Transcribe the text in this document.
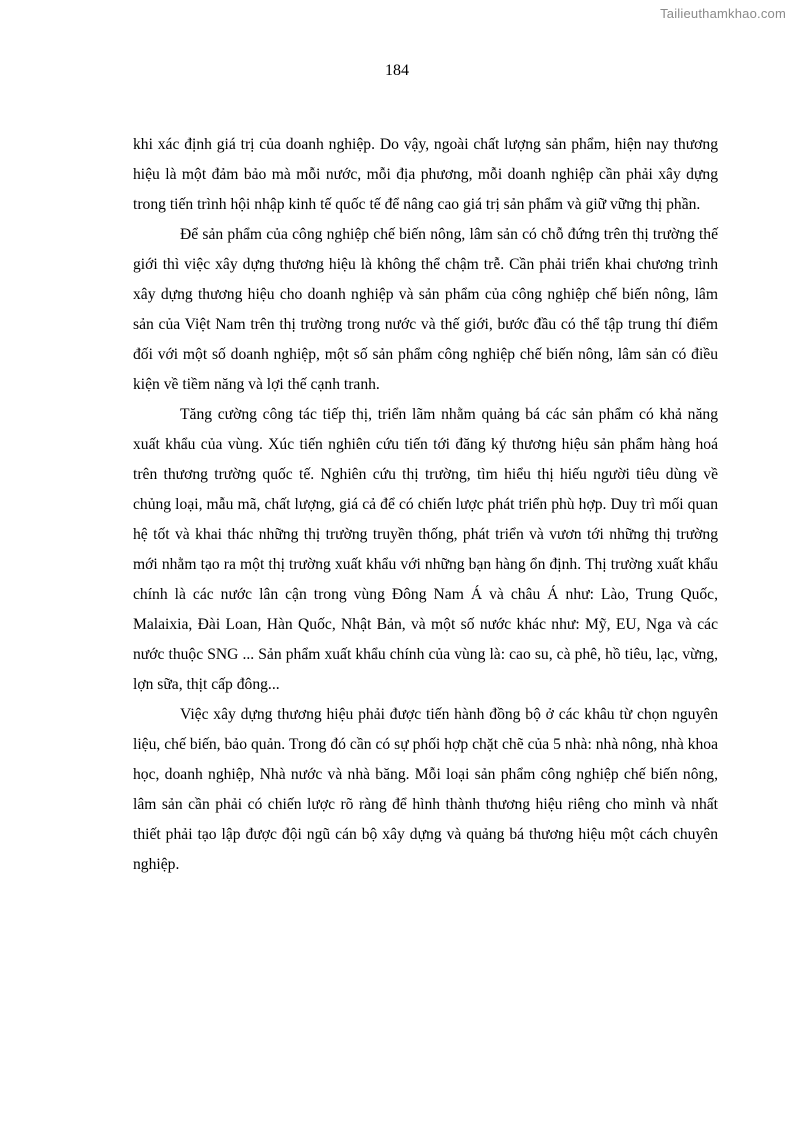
Tailieuthamkhao.com
184

khi xác định giá trị của doanh nghiệp. Do vậy, ngoài chất lượng sản phẩm, hiện nay thương hiệu là một đảm bảo mà mỗi nước, mỗi địa phương, mỗi doanh nghiệp cần phải xây dựng trong tiến trình hội nhập kinh tế quốc tế để nâng cao giá trị sản phẩm và giữ vững thị phần.

Để sản phẩm của công nghiệp chế biến nông, lâm sản có chỗ đứng trên thị trường thế giới thì việc xây dựng thương hiệu là không thể chậm trễ. Cần phải triển khai chương trình xây dựng thương hiệu cho doanh nghiệp và sản phẩm của công nghiệp chế biến nông, lâm sản của Việt Nam trên thị trường trong nước và thế giới, bước đầu có thể tập trung thí điểm đối với một số doanh nghiệp, một số sản phẩm công nghiệp chế biến nông, lâm sản có điều kiện về tiềm năng và lợi thế cạnh tranh.

Tăng cường công tác tiếp thị, triển lãm nhằm quảng bá các sản phẩm có khả năng xuất khẩu của vùng. Xúc tiến nghiên cứu tiến tới đăng ký thương hiệu sản phẩm hàng hoá trên thương trường quốc tế. Nghiên cứu thị trường, tìm hiểu thị hiếu người tiêu dùng về chủng loại, mẫu mã, chất lượng, giá cả để có chiến lược phát triển phù hợp. Duy trì mối quan hệ tốt và khai thác những thị trường truyền thống, phát triển và vươn tới những thị trường mới nhằm tạo ra một thị trường xuất khẩu với những bạn hàng ổn định. Thị trường xuất khẩu chính là các nước lân cận trong vùng Đông Nam Á và châu Á như: Lào, Trung Quốc, Malaixia, Đài Loan, Hàn Quốc, Nhật Bản, và một số nước khác như: Mỹ, EU, Nga và các nước thuộc SNG ... Sản phẩm xuất khẩu chính của vùng là: cao su, cà phê, hồ tiêu, lạc, vừng, lợn sữa, thịt cấp đông...

Việc xây dựng thương hiệu phải được tiến hành đồng bộ ở các khâu từ chọn nguyên liệu, chế biến, bảo quản. Trong đó cần có sự phối hợp chặt chẽ của 5 nhà: nhà nông, nhà khoa học, doanh nghiệp, Nhà nước và nhà băng. Mỗi loại sản phẩm công nghiệp chế biến nông, lâm sản cần phải có chiến lược rõ ràng để hình thành thương hiệu riêng cho mình và nhất thiết phải tạo lập được đội ngũ cán bộ xây dựng và quảng bá thương hiệu một cách chuyên nghiệp.
